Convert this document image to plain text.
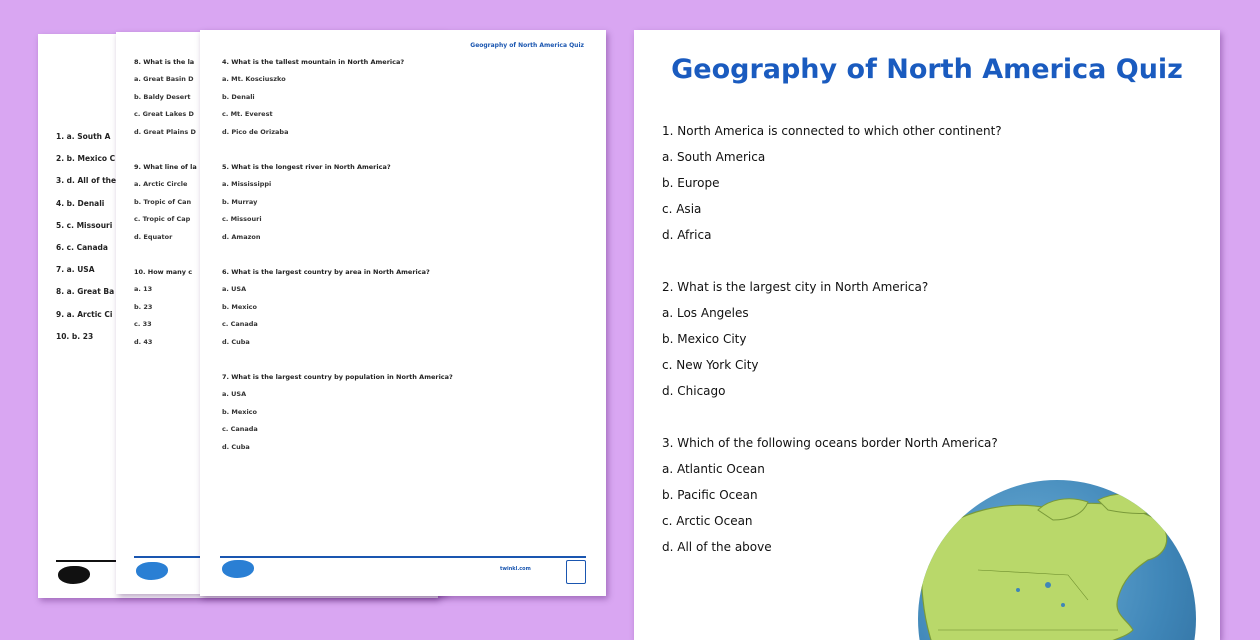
1. a. South A
2. b. Mexico C
3. d. All of the
4. b. Denali
5. c. Missouri
6. c. Canada
7. a. USA
8. a. Great Ba
9. a. Arctic Ci
10. b. 23
8. What is the la
a. Great Basin D
b. Baldy Desert
c. Great Lakes D
d. Great Plains D
9. What line of la
a. Arctic Circle
b. Tropic of Can
c. Tropic of Cap
d. Equator
10. How many c
a. 13
b. 23
c. 33
d. 43
Geography of North America Quiz
4. What is the tallest mountain in North America?
a. Mt. Kosciuszko
b. Denali
c. Mt. Everest
d. Pico de Orizaba
5. What is the longest river in North America?
a. Mississippi
b. Murray
c. Missouri
d. Amazon
6. What is the largest country by area in North America?
a. USA
b. Mexico
c. Canada
d. Cuba
7. What is the largest country by population in North America?
a. USA
b. Mexico
c. Canada
d. Cuba
twinkl.com
Geography of North America Quiz
1. North America is connected to which other continent?
a. South America
b. Europe
c. Asia
d. Africa
2. What is the largest city in North America?
a. Los Angeles
b. Mexico City
c. New York City
d. Chicago
3. Which of the following oceans border North America?
a. Atlantic Ocean
b. Pacific Ocean
c. Arctic Ocean
d. All of the above
